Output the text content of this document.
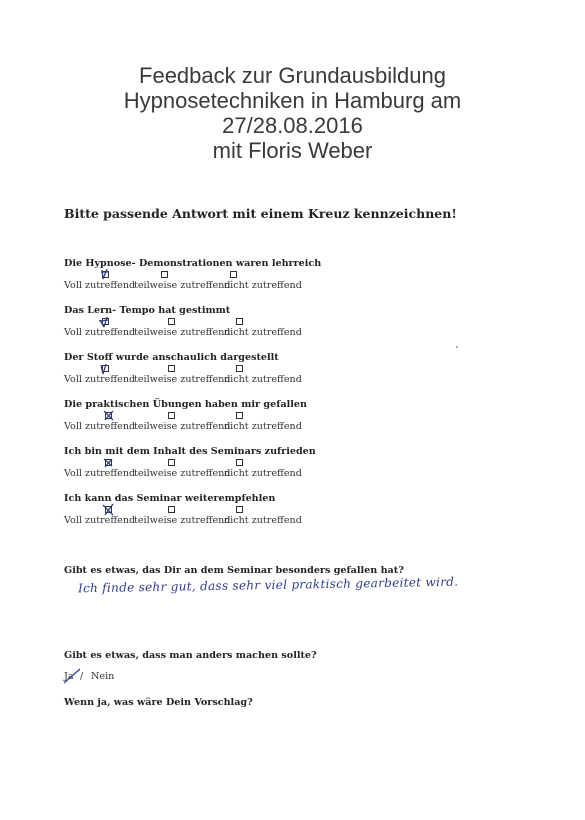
Feedback zur Grundausbildung
Hypnosetechniken in Hamburg am
27/28.08.2016
mit Floris Weber
Bitte passende Antwort mit einem Kreuz kennzeichnen!
Die Hypnose- Demonstrationen waren lehrreich
Voll zutreffend
teilweise zutreffend
nicht zutreffend
Das Lern- Tempo hat gestimmt
Voll zutreffend
teilweise zutreffend
nicht zutreffend
Der Stoff wurde anschaulich dargestellt
Voll zutreffend
teilweise zutreffend
nicht zutreffend
Die praktischen Übungen haben mir gefallen
Voll zutreffend
teilweise zutreffend
nicht zutreffend
Ich bin mit dem Inhalt des Seminars zufrieden
Voll zutreffend
teilweise zutreffend
nicht zutreffend
Ich kann das Seminar weiterempfehlen
Voll zutreffend
teilweise zutreffend
nicht zutreffend
Gibt es etwas, das Dir an dem Seminar besonders gefallen hat?
Ich finde sehr gut, dass sehr viel praktisch gearbeitet wird.
Gibt es etwas, dass man anders machen sollte?
Ja / Nein
Wenn ja, was wäre Dein Vorschlag?
